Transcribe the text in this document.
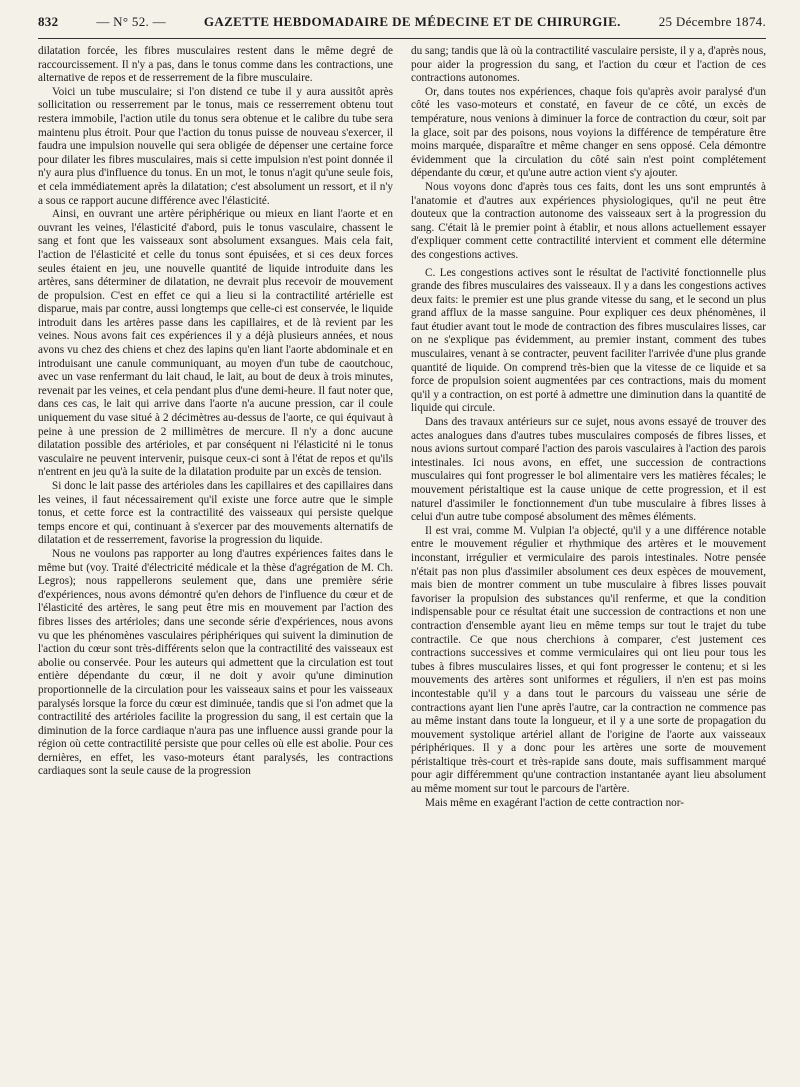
832	— N° 52. —	GAZETTE HEBDOMADAIRE DE MÉDECINE ET DE CHIRURGIE.	25 Décembre 1874.

dilatation forcée, les fibres musculaires restent dans le même degré de raccourcissement. Il n'y a pas, dans le tonus comme dans les contractions, une alternative de repos et de resserrement de la fibre musculaire.

Voici un tube musculaire; si l'on distend ce tube il y aura aussitôt après sollicitation ou resserrement par le tonus, mais ce resserrement obtenu tout restera immobile, l'action utile du tonus sera obtenue et le calibre du tube sera maintenu plus étroit. Pour que l'action du tonus puisse de nouveau s'exercer, il faudra une impulsion nouvelle qui sera obligée de dépenser une certaine force pour dilater les fibres musculaires, mais si cette impulsion n'est point donnée il n'y aura plus d'influence du tonus. En un mot, le tonus n'agit qu'une seule fois, et cela immédiatement après la dilatation; c'est absolument un ressort, et il n'y a sous ce rapport aucune différence avec l'élasticité.

Ainsi, en ouvrant une artère périphérique ou mieux en liant l'aorte et en ouvrant les veines, l'élasticité d'abord, puis le tonus vasculaire, chassent le sang et font que les vaisseaux sont absolument exsangues. Mais cela fait, l'action de l'élasticité et celle du tonus sont épuisées, et si ces deux forces seules étaient en jeu, une nouvelle quantité de liquide introduite dans les artères, sans déterminer de dilatation, ne devrait plus recevoir de mouvement de propulsion. C'est en effet ce qui a lieu si la contractilité artérielle est disparue, mais par contre, aussi longtemps que celle-ci est conservée, le liquide introduit dans les artères passe dans les capillaires, et de là revient par les veines. Nous avons fait ces expériences il y a déjà plusieurs années, et nous avons vu chez des chiens et chez des lapins qu'en liant l'aorte abdominale et en introduisant une canule communiquant, au moyen d'un tube de caoutchouc, avec un vase renfermant du lait chaud, le lait, au bout de deux à trois minutes, revenait par les veines, et cela pendant plus d'une demi-heure. Il faut noter que, dans ces cas, le lait qui arrive dans l'aorte n'a aucune pression, car il coule uniquement du vase situé à 2 décimètres au-dessus de l'aorte, ce qui équivaut à peine à une pression de 2 millimètres de mercure. Il n'y a donc aucune dilatation possible des artérioles, et par conséquent ni l'élasticité ni le tonus vasculaire ne peuvent intervenir, puisque ceux-ci sont à l'état de repos et qu'ils n'entrent en jeu qu'à la suite de la dilatation produite par un excès de tension.

Si donc le lait passe des artérioles dans les capillaires et des capillaires dans les veines, il faut nécessairement qu'il existe une force autre que le simple tonus, et cette force est la contractilité des vaisseaux qui persiste quelque temps encore et qui, continuant à s'exercer par des mouvements alternatifs de dilatation et de resserrement, favorise la progression du liquide.

Nous ne voulons pas rapporter au long d'autres expériences faites dans le même but (voy. Traité d'électricité médicale et la thèse d'agrégation de M. Ch. Legros); nous rappellerons seulement que, dans une première série d'expériences, nous avons démontré qu'en dehors de l'influence du cœur et de l'élasticité des artères, le sang peut être mis en mouvement par l'action des fibres lisses des artérioles; dans une seconde série d'expériences, nous avons vu que les phénomènes vasculaires périphériques qui suivent la diminution de l'action du cœur sont très-différents selon que la contractilité des vaisseaux est abolie ou conservée. Pour les auteurs qui admettent que la circulation est tout entière dépendante du cœur, il ne doit y avoir qu'une diminution proportionnelle de la circulation pour les vaisseaux sains et pour les vaisseaux paralysés lorsque la force du cœur est diminuée, tandis que si l'on admet que la contractilité des artérioles facilite la progression du sang, il est certain que la diminution de la force cardiaque n'aura pas une influence aussi grande pour la région où cette contractilité persiste que pour celles où elle est abolie. Pour ces dernières, en effet, les vaso-moteurs étant paralysés, les contractions cardiaques sont la seule cause de la progression

du sang; tandis que là où la contractilité vasculaire persiste, il y a, d'après nous, pour aider la progression du sang, et l'action du cœur et l'action de ces contractions autonomes.

Or, dans toutes nos expériences, chaque fois qu'après avoir paralysé d'un côté les vaso-moteurs et constaté, en faveur de ce côté, un excès de température, nous venions à diminuer la force de contraction du cœur, soit par la glace, soit par des poisons, nous voyions la différence de température être moins marquée, disparaître et même changer en sens opposé. Cela démontre évidemment que la circulation du côté sain n'est point complétement dépendante du cœur, et qu'une autre action vient s'y ajouter.

Nous voyons donc d'après tous ces faits, dont les uns sont empruntés à l'anatomie et d'autres aux expériences physiologiques, qu'il ne peut être douteux que la contraction autonome des vaisseaux sert à la progression du sang. C'était là le premier point à établir, et nous allons actuellement essayer d'expliquer comment cette contractilité intervient et comment elle détermine des congestions actives.

C. Les congestions actives sont le résultat de l'activité fonctionnelle plus grande des fibres musculaires des vaisseaux. Il y a dans les congestions actives deux faits: le premier est une plus grande vitesse du sang, et le second un plus grand afflux de la masse sanguine. Pour expliquer ces deux phénomènes, il faut étudier avant tout le mode de contraction des fibres musculaires lisses, car on ne s'explique pas évidemment, au premier instant, comment des tubes musculaires, venant à se contracter, peuvent faciliter l'arrivée d'une plus grande quantité de liquide. On comprend très-bien que la vitesse de ce liquide et sa force de propulsion soient augmentées par ces contractions, mais du moment qu'il y a contraction, on est porté à admettre une diminution dans la quantité de liquide qui circule.

Dans des travaux antérieurs sur ce sujet, nous avons essayé de trouver des actes analogues dans d'autres tubes musculaires composés de fibres lisses, et nous avions surtout comparé l'action des parois vasculaires à l'action des parois intestinales. Ici nous avons, en effet, une succession de contractions musculaires qui font progresser le bol alimentaire vers les matières fécales; le mouvement péristaltique est la cause unique de cette progression, et il est naturel d'assimiler le fonctionnement d'un tube musculaire à fibres lisses à celui d'un autre tube composé absolument des mêmes éléments.

Il est vrai, comme M. Vulpian l'a objecté, qu'il y a une différence notable entre le mouvement régulier et rhythmique des artères et le mouvement inconstant, irrégulier et vermiculaire des parois intestinales. Notre pensée n'était pas non plus d'assimiler absolument ces deux espèces de mouvement, mais bien de montrer comment un tube musculaire à fibres lisses pouvait favoriser la propulsion des substances qu'il renferme, et que la condition indispensable pour ce résultat était une succession de contractions et non une contraction d'ensemble ayant lieu en même temps sur tout le trajet du tube contractile. Ce que nous cherchions à comparer, c'est justement ces contractions successives et comme vermiculaires qui ont lieu pour tous les tubes à fibres musculaires lisses, et qui font progresser le contenu; et si les mouvements des artères sont uniformes et réguliers, il n'en est pas moins incontestable qu'il y a dans tout le parcours du vaisseau une série de contractions ayant lien l'une après l'autre, car la contraction ne commence pas au même instant dans toute la longueur, et il y a une sorte de propagation du mouvement systolique artériel allant de l'origine de l'aorte aux vaisseaux périphériques. Il y a donc pour les artères une sorte de mouvement péristaltique très-court et très-rapide sans doute, mais suffisamment marqué pour agir différemment qu'une contraction instantanée ayant lieu absolument au même moment sur tout le parcours de l'artère.

Mais même en exagérant l'action de cette contraction nor-
